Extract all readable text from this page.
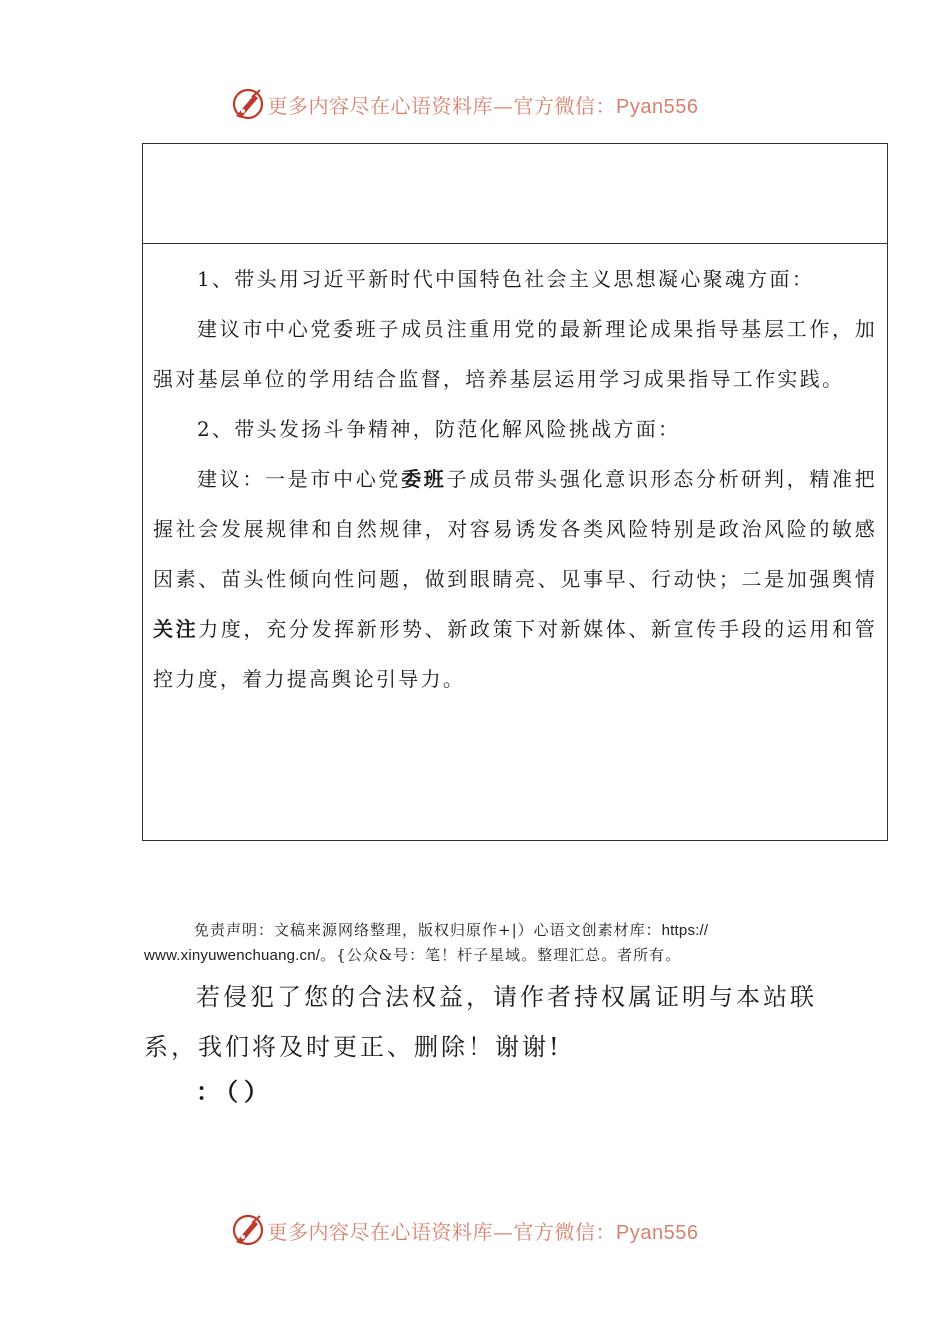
更多内容尽在心语资料库—官方微信：Pyan556

1、带头用习近平新时代中国特色社会主义思想凝心聚魂方面：

建议市中心党委班子成员注重用党的最新理论成果指导基层工作，加强对基层单位的学用结合监督，培养基层运用学习成果指导工作实践。

2、带头发扬斗争精神，防范化解风险挑战方面：

建议：一是市中心党委班子成员带头强化意识形态分析研判，精准把握社会发展规律和自然规律，对容易诱发各类风险特别是政治风险的敏感因素、苗头性倾向性问题，做到眼睛亮、见事早、行动快；二是加强舆情关注力度，充分发挥新形势、新政策下对新媒体、新宣传手段的运用和管控力度，着力提高舆论引导力。

免责声明：文稿来源网络整理，版权归原作+|）心语文创素材库：https://
www.xinyuwenchuang.cn/。{公众&号：笔！杆子星域。整理汇总。者所有。
若侵犯了您的合法权益，请作者持权属证明与本站联
系，我们将及时更正、删除！谢谢!
：（）
更多内容尽在心语资料库—官方微信：Pyan556
